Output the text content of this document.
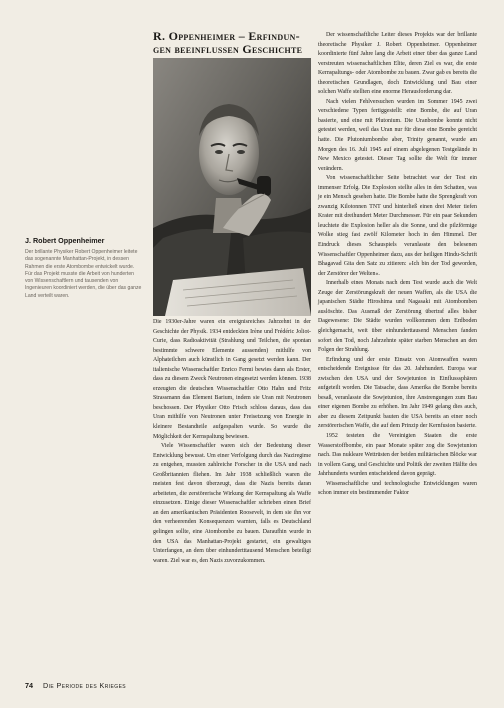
J. Robert Oppenheimer

Der brillante Physiker Robert Oppenheimer leitete das sogenannte Manhattan-Projekt, in dessen Rahmen die erste Atombombe entwickelt wurde. Für das Projekt musste die Arbeit von hunderten von Wissenschaftlern und tausenden von Ingenieuren koordiniert werden, die über das ganze Land verteilt waren.

R. Oppenheimer – Erfindun-
gen beeinflussen Geschichte

Die 1930er-Jahre waren ein ereignisreiches Jahrzehnt in der Geschichte der Physik. 1934 entdeckten Irène und Frédéric Joliot-Curie, dass Radioaktivität (Strahlung und Teilchen, die spontan bestimmte schwere Elemente aussenden) mithilfe von Alphateilchen auch künstlich in Gang gesetzt werden kann. Der italienische Wissenschaftler Enrico Fermi bewies dann als Erster, dass zu diesem Zweck Neutronen eingesetzt werden können. 1938 erzeugten die deutschen Wissenschaftler Otto Hahn und Fritz Strassmann das Element Barium, indem sie Uran mit Neutronen beschossen. Der Physiker Otto Frisch schloss daraus, dass das Uran mithilfe von Neutronen unter Freisetzung von Energie in kleinere Bestandteile aufgespalten wurde. So wurde die Möglichkeit der Kernspaltung bewiesen.

Viele Wissenschaftler waren sich der Bedeutung dieser Entwicklung bewusst. Um einer Verfolgung durch das Naziregime zu entgehen, mussten zahlreiche Forscher in die USA und nach Großbritannien fliehen. Im Jahr 1938 schließlich waren die meisten fest davon überzeugt, dass die Nazis bereits daran arbeiteten, die zerstörerische Wirkung der Kernspaltung als Waffe einzusetzen. Einige dieser Wissenschaftler schrieben einen Brief an den amerikanischen Präsidenten Roosevelt, in dem sie ihn vor den verheerenden Konsequenzen warnten, falls es Deutschland gelingen sollte, eine Atombombe zu bauen. Daraufhin wurde in den USA das Manhattan-Projekt gestartet, ein gewaltiges Unterfangen, an dem über einhundertttausend Menschen beteiligt waren. Ziel war es, den Nazis zuvorzukommen.

Der wissenschaftliche Leiter dieses Projekts war der brillante theoretische Physiker J. Robert Oppenheimer. Oppenheimer koordinierte fünf Jahre lang die Arbeit einer über das ganze Land verstreuten wissenschaftlichen Elite, deren Ziel es war, die erste Kernspaltungs- oder Atombombe zu bauen. Zwar gab es bereits die theoretischen Grundlagen, doch Entwicklung und Bau einer solchen Waffe stellten eine enorme Herausforderung dar.

Nach vielen Fehlversuchen wurden im Sommer 1945 zwei verschiedene Typen fertiggestellt: eine Bombe, die auf Uran basierte, und eine mit Plutonium. Die Uranbombe konnte nicht getestet werden, weil das Uran nur für diese eine Bombe gereicht hatte. Die Plutoniumbombe aber, Trinity genannt, wurde am Morgen des 16. Juli 1945 auf einem abgelegenen Testgelände in New Mexico getestet. Dieser Tag sollte die Welt für immer verändern.

Von wissenschaftlicher Seite betrachtet war der Test ein immenser Erfolg. Die Explosion stellte alles in den Schatten, was je ein Mensch gesehen hatte. Die Bombe hatte die Sprengkraft von zwanzig Kilotonnen TNT und hinterließ einen drei Meter tiefen Krater mit dreihundert Meter Durchmesser. Für ein paar Sekunden leuchtete die Explosion heller als die Sonne, und die pilzförmige Wolke stieg fast zwölf Kilometer hoch in den Himmel. Der Eindruck dieses Schauspiels veranlasste den belesenen Wissenschaftler Oppenheimer dazu, aus der heiligen Hindu-Schrift Bhagavad Gita den Satz zu zitieren: »Ich bin der Tod geworden, der Zerstörer der Welten«.

Innerhalb eines Monats nach dem Test wurde auch die Welt Zeuge der Zerstörungskraft der neuen Waffen, als die USA die japanischen Städte Hiroshima und Nagasaki mit Atombomben auslöschte. Das Ausmaß der Zerstörung übertraf alles bisher Dagewesene: Die Städte wurden vollkommen dem Erdboden gleichgemacht, weit über einhunderttausend Menschen fanden sofort den Tod, noch Jahrzehnte später starben Menschen an den Folgen der Strahlung.

Erfindung und der erste Einsatz von Atomwaffen waren entscheidende Ereignisse für das 20. Jahrhundert. Europa war zwischen den USA und der Sowjetunion in Einflusssphären aufgeteilt worden. Die Tatsache, dass Amerika die Bombe bereits besaß, veranlasste die Sowjetunion, ihre Anstrengungen zum Bau einer eigenen Bombe zu erhöhen. Im Jahr 1949 gelang dies auch, aber zu diesem Zeitpunkt bauten die USA bereits an einer noch zerstörerischen Waffe, die auf dem Prinzip der Kernfusion basierte.

1952 testeten die Vereinigten Staaten die erste Wasserstoffbombe, ein paar Monate später zog die Sowjetunion nach. Das nukleare Wettrüsten der beiden militärischen Blöcke war in vollem Gang, und Geschichte und Politik der zweiten Hälfte des Jahrhunderts wurden entscheidend davon geprägt.

Wissenschaftliche und technologische Entwicklungen waren schon immer ein bestimmender Faktor

74 Die Periode des Krieges
